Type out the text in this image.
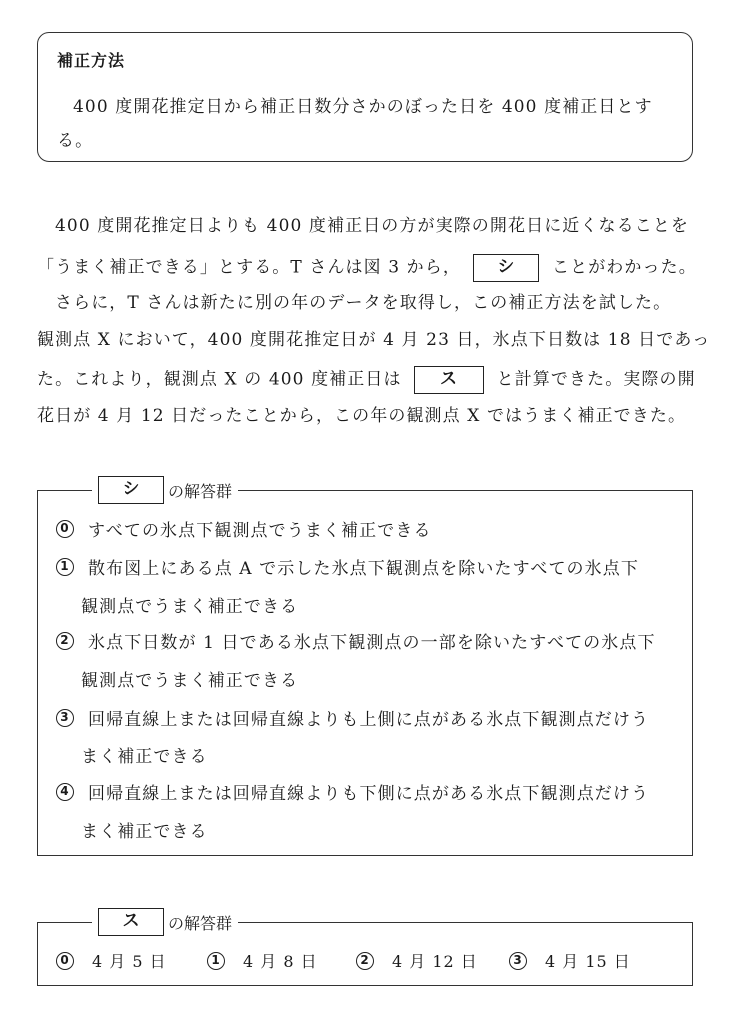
補正方法
400 度開花推定日から補正日数分さかのぼった日を 400 度補正日とす
る。
400 度開花推定日よりも 400 度補正日の方が実際の開花日に近くなることを
「うまく補正できる」とする。T さんは図 3 から， シ ことがわかった。
さらに，T さんは新たに別の年のデータを取得し，この補正方法を試した。
観測点 X において，400 度開花推定日が 4 月 23 日，氷点下日数は 18 日であっ
た。これより，観測点 X の 400 度補正日は ス と計算できた。実際の開
花日が 4 月 12 日だったことから，この年の観測点 X ではうまく補正できた。
シ	の解答群
0 すべての氷点下観測点でうまく補正できる
1 散布図上にある点 A で示した氷点下観測点を除いたすべての氷点下
観測点でうまく補正できる
2 氷点下日数が 1 日である氷点下観測点の一部を除いたすべての氷点下
観測点でうまく補正できる
3 回帰直線上または回帰直線よりも上側に点がある氷点下観測点だけう
まく補正できる
4 回帰直線上または回帰直線よりも下側に点がある氷点下観測点だけう
まく補正できる
ス	の解答群
0 4 月 5 日	1 4 月 8 日	2 4 月 12 日	3 4 月 15 日
